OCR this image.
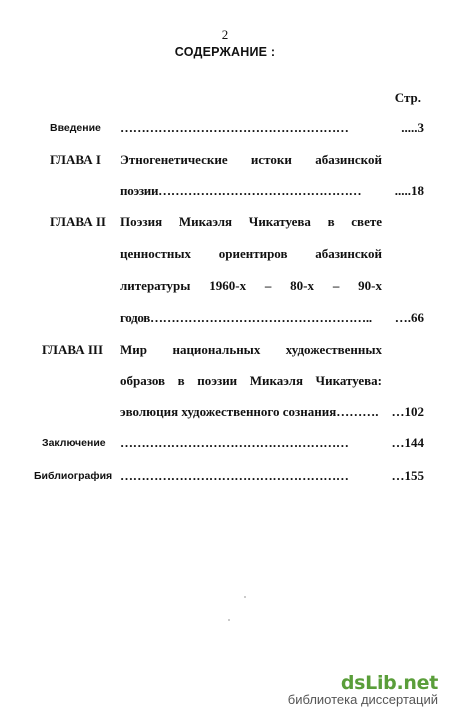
2
СОДЕРЖАНИЕ :
Стр.
Введение ………………………………………………	.....3
ГЛАВА I Этногенетические истоки абазинской
поэзии…………………………………………	.....18
ГЛАВА II Поэзия Микаэля Чикатуева в свете
ценностных ориентиров абазинской
литературы 1960-х – 80-х – 90-х
годов……………………………………………..	….66
ГЛАВА III Мир национальных художественных
образов в поэзии Микаэля Чикатуева:
эволюция художественного сознания………. …102
Заключение ………………………………………………	…144
Библиография ………………………………………………	…155
dsLib.net
библиотека диссертаций
